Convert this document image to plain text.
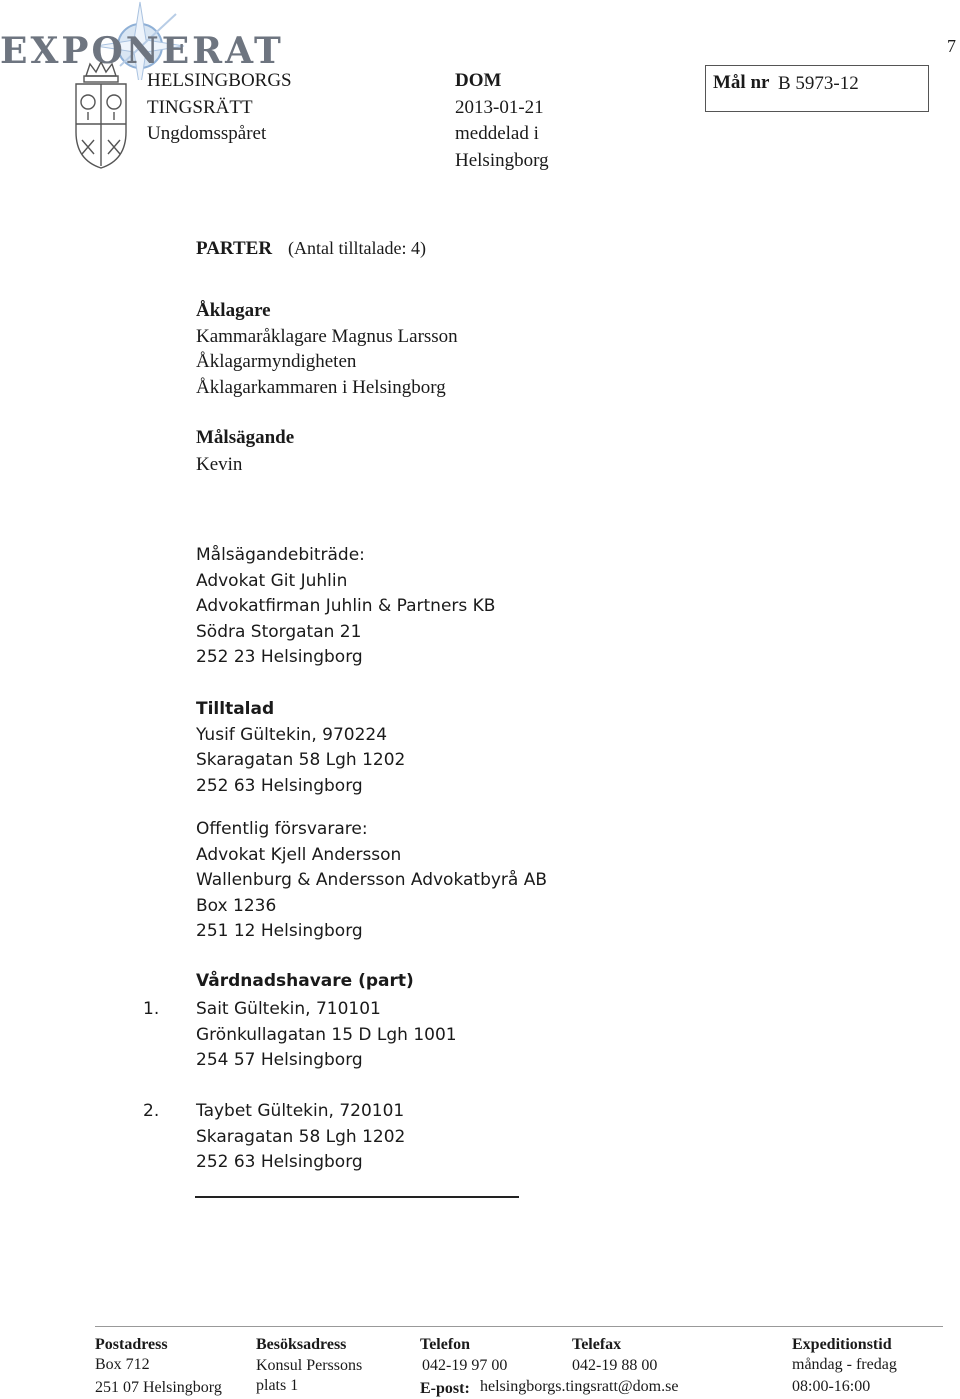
EXPONERAT	7
HELSINGBORGS
TINGSRÄTT
Ungdomsspåret
DOM
2013-01-21
meddelad i
Helsingborg
Mål nr B 5973-12
PARTER (Antal tilltalade: 4)
Åklagare
Kammaråklagare Magnus Larsson
Åklagarmyndigheten
Åklagarkammaren i Helsingborg
Målsägande
Kevin
Målsägandebiträde:
Advokat Git Juhlin
Advokatfirman Juhlin & Partners KB
Södra Storgatan 21
252 23 Helsingborg
Tilltalad
Yusif Gültekin, 970224
Skaragatan 58 Lgh 1202
252 63 Helsingborg
Offentlig försvarare:
Advokat Kjell Andersson
Wallenburg & Andersson Advokatbyrå AB
Box 1236
251 12 Helsingborg
Vårdnadshavare (part)
1. Sait Gültekin, 710101
Grönkullagatan 15 D Lgh 1001
254 57 Helsingborg
2. Taybet Gültekin, 720101
Skaragatan 58 Lgh 1202
252 63 Helsingborg
Postadress
Box 712
251 07 Helsingborg
Besöksadress
Konsul Perssons
plats 1
Telefon
042-19 97 00
Telefax
042-19 88 00
E-post: helsingborgs.tingsratt@dom.se
Expeditionstid
måndag - fredag
08:00-16:00
